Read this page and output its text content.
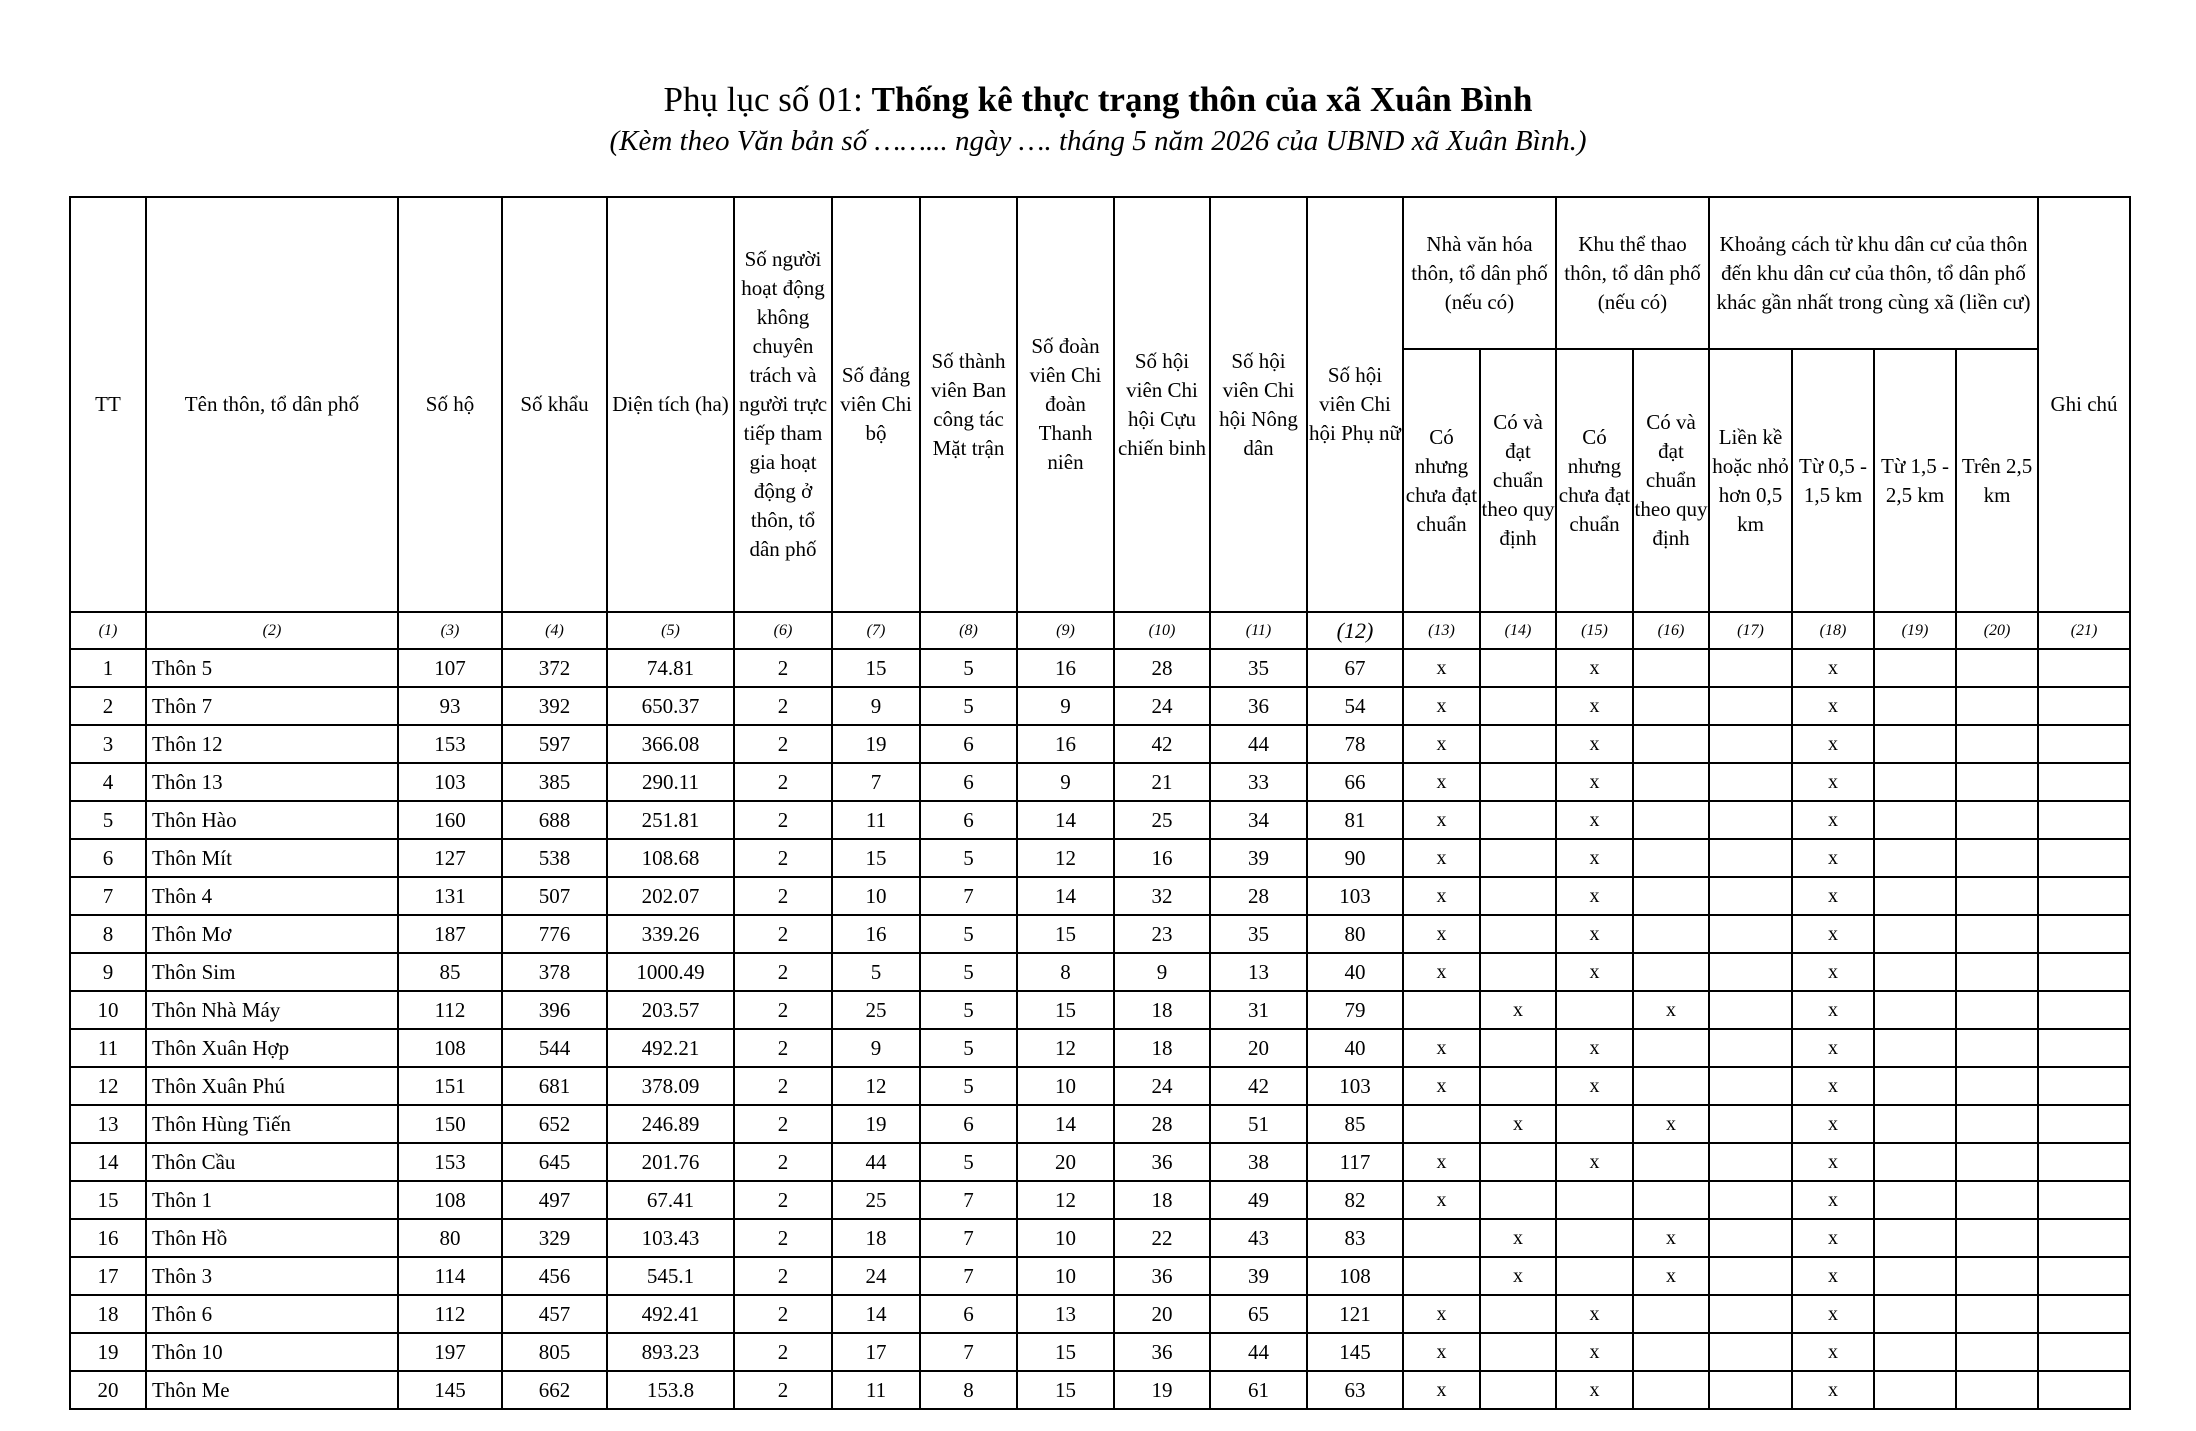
Phụ lục số 01: Thống kê thực trạng thôn của xã Xuân Bình
(Kèm theo Văn bản số ……... ngày …. tháng 5 năm 2026 của UBND xã Xuân Bình.)
TT	Tên thôn, tổ dân phố	Số hộ	Số khẩu	Diện tích (ha)	Số người hoạt động không chuyên trách và người trực tiếp tham gia hoạt động ở thôn, tổ dân phố	Số đảng viên Chi bộ	Số thành viên Ban công tác Mặt trận	Số đoàn viên Chi đoàn Thanh niên	Số hội viên Chi hội Cựu chiến binh	Số hội viên Chi hội Nông dân	Số hội viên Chi hội Phụ nữ	Nhà văn hóa thôn, tổ dân phố (nếu có)		Khu thể thao thôn, tổ dân phố (nếu có)		Khoảng cách từ khu dân cư của thôn đến khu dân cư của thôn, tổ dân phố khác gần nhất trong cùng xã (liền cư)				Ghi chú
												Có nhưng chưa đạt chuẩn	Có và đạt chuẩn theo quy định	Có nhưng chưa đạt chuẩn	Có và đạt chuẩn theo quy định	Liền kề hoặc nhỏ hơn 0,5 km	Từ 0,5 - 1,5 km	Từ 1,5 - 2,5 km	Trên 2,5 km	
(1)	(2)	(3)	(4)	(5)	(6)	(7)	(8)	(9)	(10)	(11)	(12)	(13)	(14)	(15)	(16)	(17)	(18)	(19)	(20)	(21)
1	Thôn 5	107	372	74.81	2	15	5	16	28	35	67	x		x			x			
2	Thôn 7	93	392	650.37	2	9	5	9	24	36	54	x		x			x			
3	Thôn 12	153	597	366.08	2	19	6	16	42	44	78	x		x			x			
4	Thôn 13	103	385	290.11	2	7	6	9	21	33	66	x		x			x			
5	Thôn Hào	160	688	251.81	2	11	6	14	25	34	81	x		x			x			
6	Thôn Mít	127	538	108.68	2	15	5	12	16	39	90	x		x			x			
7	Thôn 4	131	507	202.07	2	10	7	14	32	28	103	x		x			x			
8	Thôn Mơ	187	776	339.26	2	16	5	15	23	35	80	x		x			x			
9	Thôn Sim	85	378	1000.49	2	5	5	8	9	13	40	x		x			x			
10	Thôn Nhà Máy	112	396	203.57	2	25	5	15	18	31	79		x		x		x			
11	Thôn Xuân Hợp	108	544	492.21	2	9	5	12	18	20	40	x		x			x			
12	Thôn Xuân Phú	151	681	378.09	2	12	5	10	24	42	103	x		x			x			
13	Thôn Hùng Tiến	150	652	246.89	2	19	6	14	28	51	85		x		x		x			
14	Thôn Cầu	153	645	201.76	2	44	5	20	36	38	117	x		x			x			
15	Thôn 1	108	497	67.41	2	25	7	12	18	49	82	x					x			
16	Thôn Hồ	80	329	103.43	2	18	7	10	22	43	83		x		x		x			
17	Thôn 3	114	456	545.1	2	24	7	10	36	39	108		x		x		x			
18	Thôn 6	112	457	492.41	2	14	6	13	20	65	121	x		x			x			
19	Thôn 10	197	805	893.23	2	17	7	15	36	44	145	x		x			x			
20	Thôn Me	145	662	153.8	2	11	8	15	19	61	63	x		x			x			
